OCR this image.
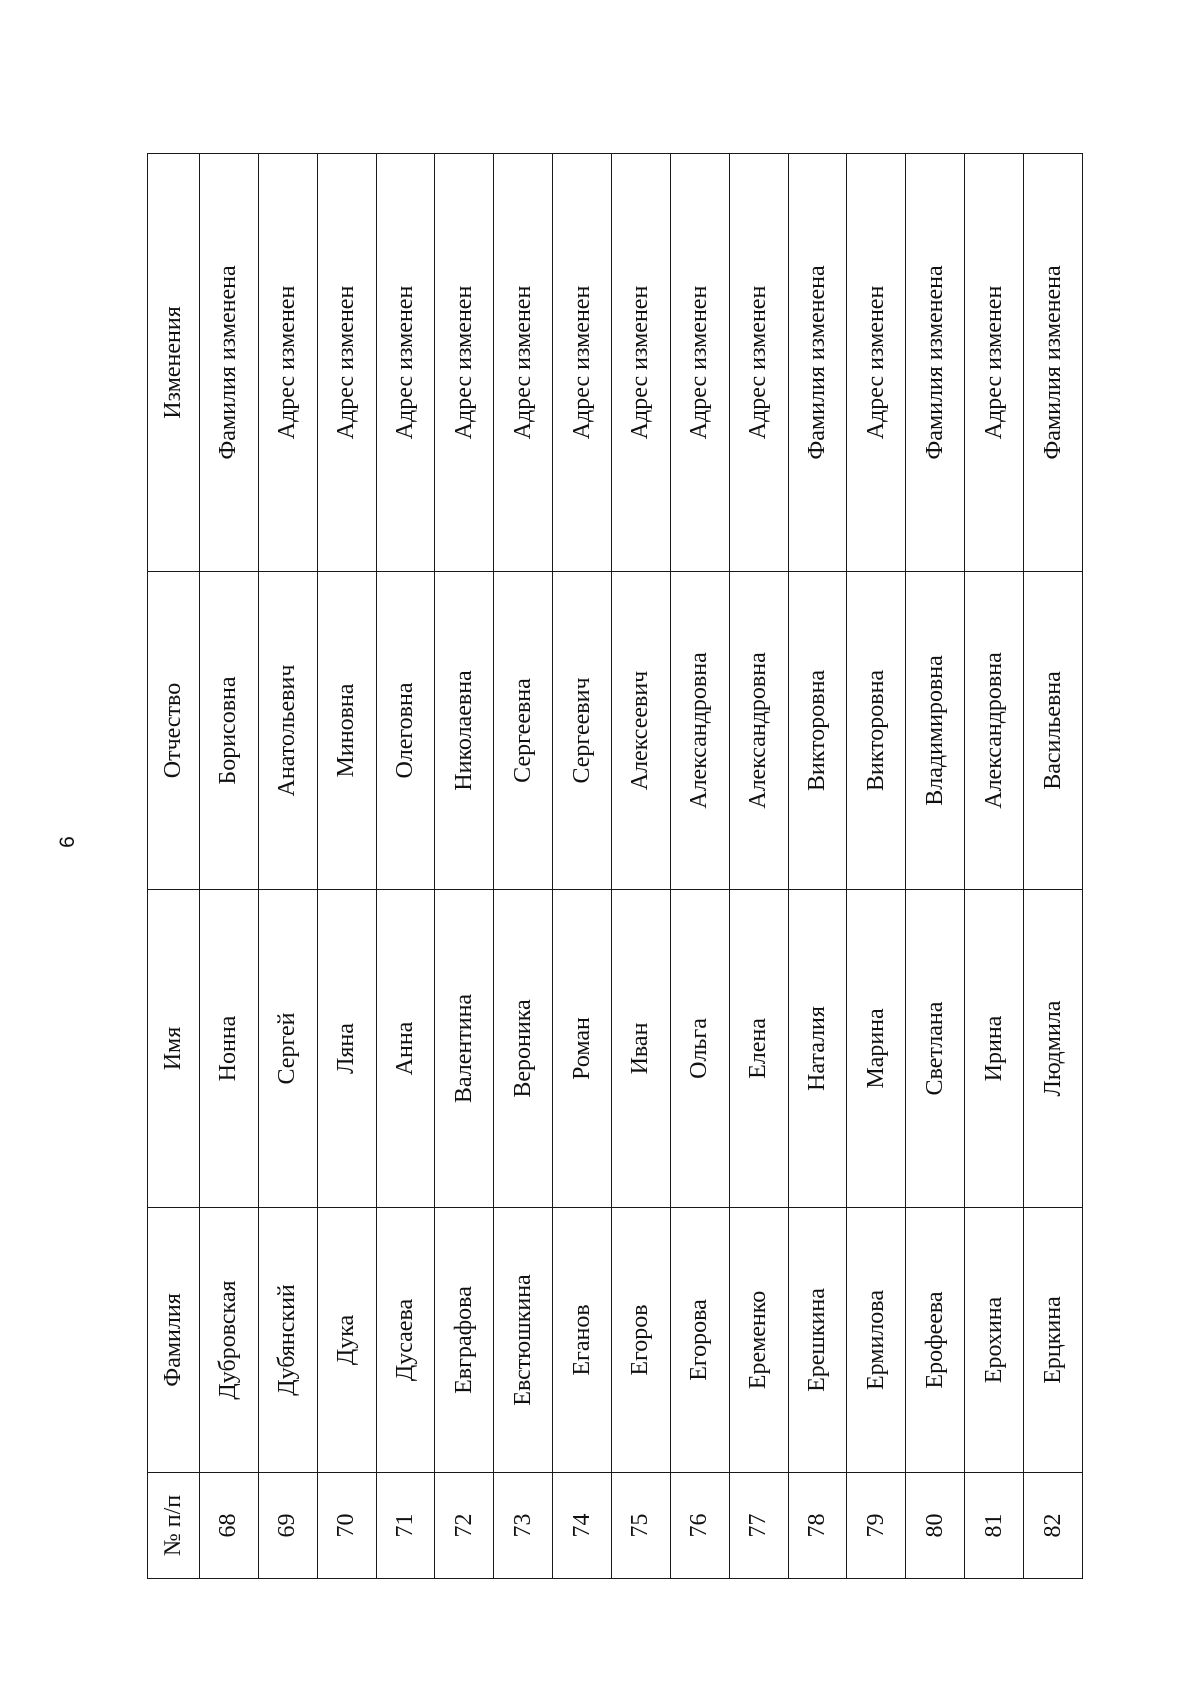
6
№ п/п	Фамилия	Имя	Отчество	Изменения
68	Дубровская	Нонна	Борисовна	Фамилия изменена
69	Дубянский	Сергей	Анатольевич	Адрес изменен
70	Дука	Ляна	Миновна	Адрес изменен
71	Дусаева	Анна	Олеговна	Адрес изменен
72	Евграфова	Валентина	Николаевна	Адрес изменен
73	Евстюшкина	Вероника	Сергеевна	Адрес изменен
74	Еганов	Роман	Сергеевич	Адрес изменен
75	Егоров	Иван	Алексеевич	Адрес изменен
76	Егорова	Ольга	Александровна	Адрес изменен
77	Еременко	Елена	Александровна	Адрес изменен
78	Ерешкина	Наталия	Викторовна	Фамилия изменена
79	Ермилова	Марина	Викторовна	Адрес изменен
80	Ерофеева	Светлана	Владимировна	Фамилия изменена
81	Ерохина	Ирина	Александровна	Адрес изменен
82	Ерцкина	Людмила	Васильевна	Фамилия изменена
